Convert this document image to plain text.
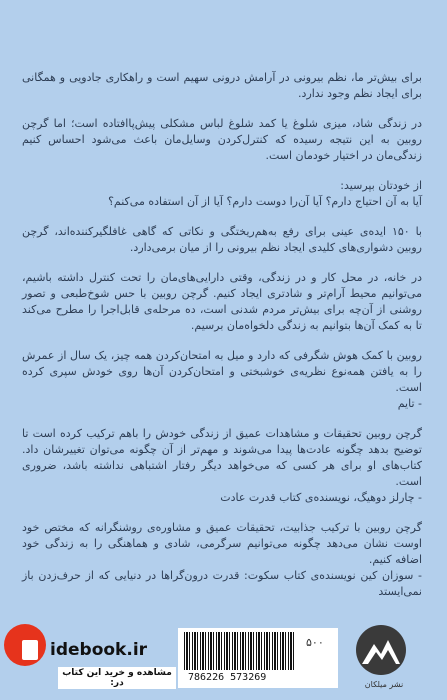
برای بیش‌تر ما، نظم بیرونی در آرامش درونی سهیم است و راهکاری جادویی و همگانی برای ایجاد نظم وجود ندارد.

در زندگی شاد، میزی شلوغ یا کمد شلوغ لباس مشکلی پیش‌پاافتاده است؛ اما گرچن روبین به این نتیجه رسیده که کنترل‌کردن وسایل‌مان باعث می‌شود احساس کنیم زندگی‌مان در اختیار خودمان است.

از خودتان بپرسید:

آیا به آن احتیاج دارم؟ آیا آن‌را دوست دارم؟ آیا از آن استفاده می‌کنم؟

با ۱۵۰ ایده‌ی عینی برای رفع به‌هم‌ریختگی و نکاتی که گاهی غافلگیرکننده‌اند، گرچن روبین دشواری‌های کلیدی ایجاد نظم بیرونی را از میان برمی‌دارد.

در خانه، در محل کار و در زندگی، وقتی دارایی‌های‌مان را تحت کنترل داشته باشیم، می‌توانیم محیط آرام‌تر و شادتری ایجاد کنیم. گرچن روبین با حس شوخ‌طبعی و تصور روشنی از آن‌چه برای بیش‌تر مردم شدنی است، ده مرحله‌ی قابل‌اجرا را مطرح می‌کند تا به کمک آن‌ها بتوانیم به زندگی دلخواه‌مان برسیم.

روبین با کمک هوش شگرفی که دارد و میل به امتحان‌کردن همه چیز، یک سال از عمرش را به یافتن همه‌نوع نظریه‌ی خوشبختی و امتحان‌کردن آن‌ها روی خودش سپری کرده است.

- تایم

گرچن روبین تحقیقات و مشاهدات عمیق از زندگی خودش را باهم ترکیب کرده است تا توضیح بدهد چگونه عادت‌ها پیدا می‌شوند و مهم‌تر از آن چگونه می‌توان تغییرشان داد. کتاب‌های او برای هر کسی که می‌خواهد دیگر رفتار اشتباهی نداشته باشد، ضروری است.

- چارلز دوهیگ، نویسنده‌ی کتاب قدرت عادت

گرچن روبین با ترکیب جذابیت، تحقیقات عمیق و مشاوره‌ی روشنگرانه که مختص خود اوست نشان می‌دهد چگونه می‌توانیم سرگرمی، شادی و هماهنگی را به زندگی خود اضافه کنیم.

- سوزان کین نویسنده‌ی کتاب سکوت: قدرت درون‌گراها در دنیایی که از حرف‌زدن باز نمی‌ایستد

idebook.ir
مشاهده و خرید این کتاب در:	786226 573269
۵۰۰
نشر میلکان
